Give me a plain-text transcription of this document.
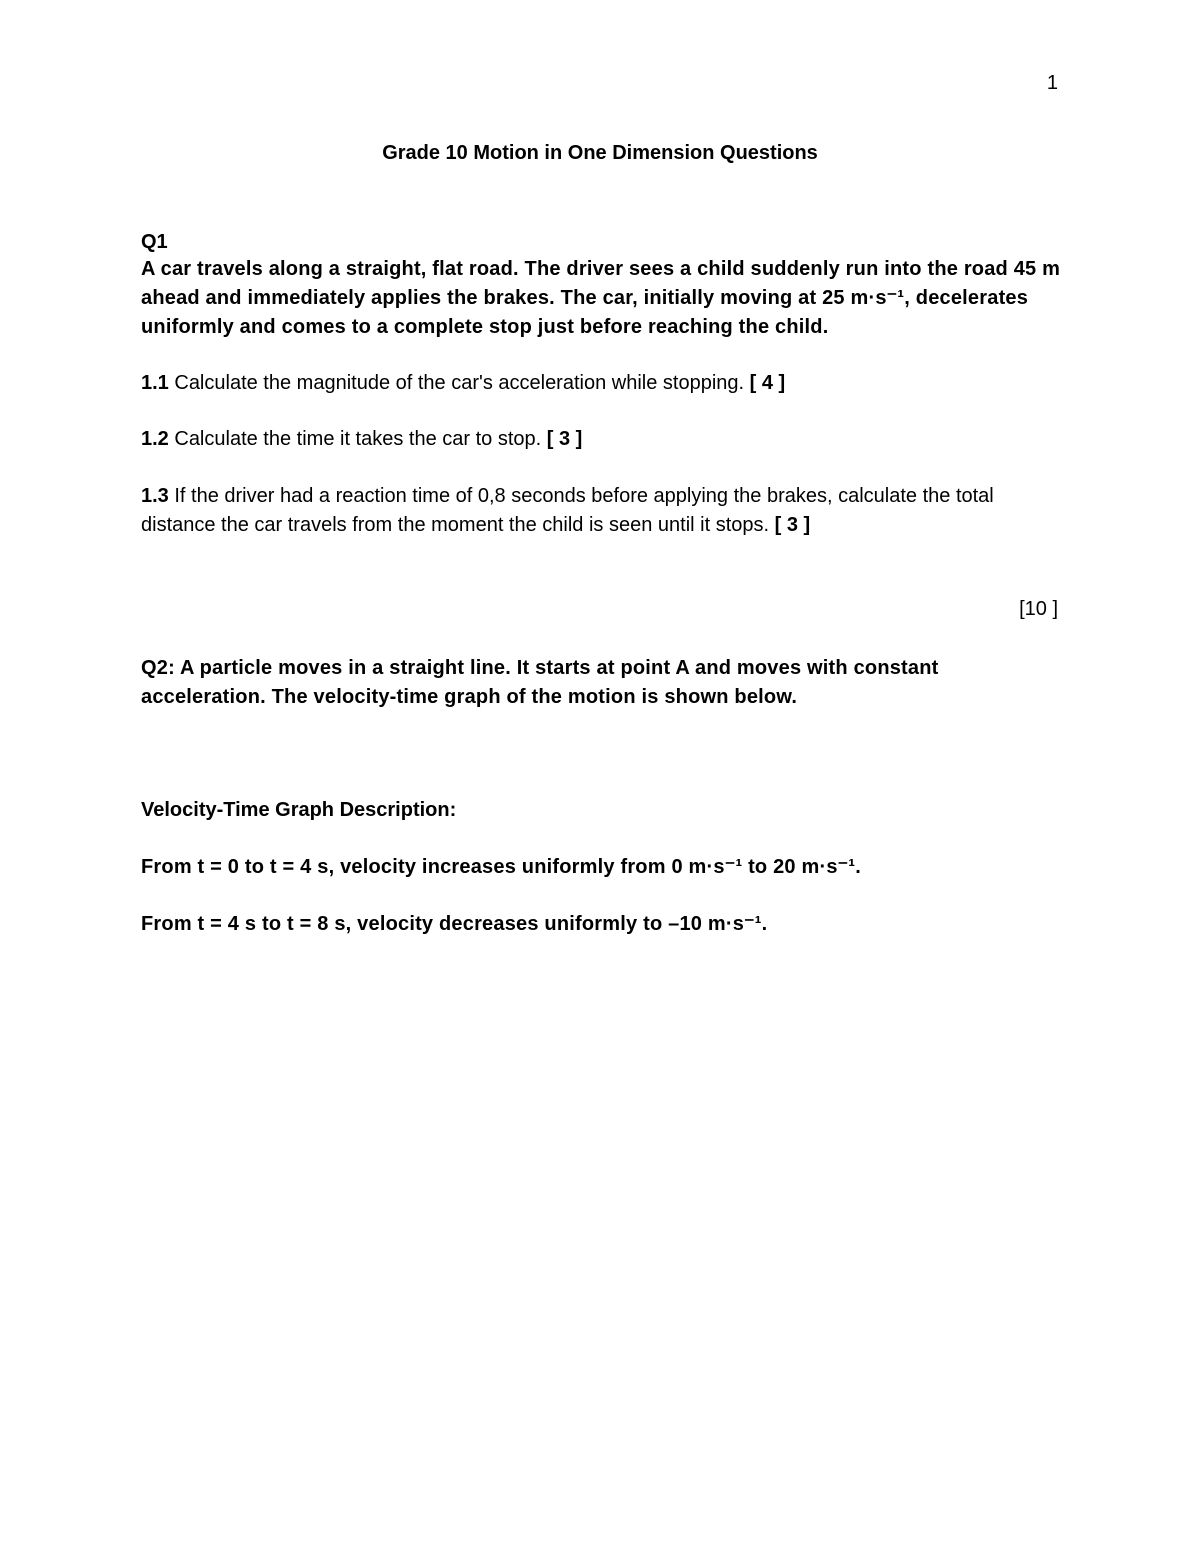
1
Grade 10 Motion in One Dimension Questions
Q1
A car travels along a straight, flat road. The driver sees a child suddenly run into the road 45 m ahead and immediately applies the brakes. The car, initially moving at 25 m·s⁻¹, decelerates uniformly and comes to a complete stop just before reaching the child.
1.1 Calculate the magnitude of the car's acceleration while stopping. [ 4 ]
1.2 Calculate the time it takes the car to stop. [ 3 ]
1.3 If the driver had a reaction time of 0,8 seconds before applying the brakes, calculate the total distance the car travels from the moment the child is seen until it stops. [ 3 ]
[10 ]
Q2: A particle moves in a straight line. It starts at point A and moves with constant acceleration. The velocity-time graph of the motion is shown below.
Velocity-Time Graph Description:
From t = 0 to t = 4 s, velocity increases uniformly from 0 m·s⁻¹ to 20 m·s⁻¹.
From t = 4 s to t = 8 s, velocity decreases uniformly to –10 m·s⁻¹.
